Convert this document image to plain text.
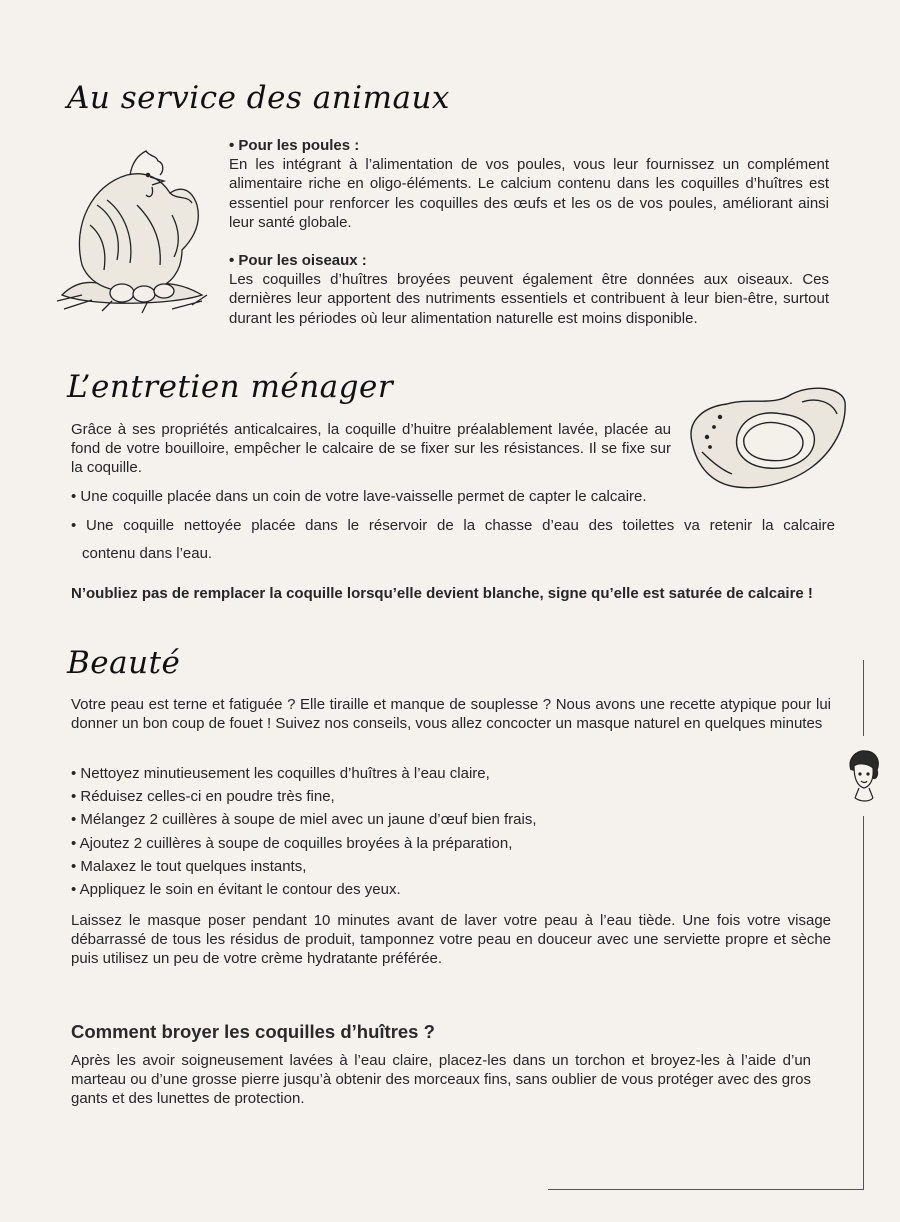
Au service des animaux

• Pour les poules :

En les intégrant à l’alimentation de vos poules, vous leur fournissez un complément alimentaire riche en oligo-éléments. Le calcium contenu dans les coquilles d’huîtres est essentiel pour renforcer les coquilles des œufs et les os de vos poules, améliorant ainsi leur santé globale.

• Pour les oiseaux :

Les coquilles d’huîtres broyées peuvent également être données aux oiseaux. Ces dernières leur apportent des nutriments essentiels et contribuent à leur bien-être, surtout durant les périodes où leur alimentation naturelle est moins disponible.

L’entretien ménager

Grâce à ses propriétés anticalcaires, la coquille d’huitre préalablement lavée, placée au fond de votre bouilloire, empêcher le calcaire de se fixer sur les résistances. Il se fixe sur la coquille.

• Une coquille placée dans un coin de votre lave-vaisselle permet de capter le calcaire.

• Une coquille nettoyée placée dans le réservoir de la chasse d’eau des toilettes va retenir la calcaire

contenu dans l’eau.

N’oubliez pas de remplacer la coquille lorsqu’elle devient blanche, signe qu’elle est saturée de calcaire !

Beauté

Votre peau est terne et fatiguée ? Elle tiraille et manque de souplesse ? Nous avons une recette atypique pour lui donner un bon coup de fouet ! Suivez nos conseils, vous allez concocter un masque naturel en quelques minutes

• Nettoyez minutieusement les coquilles d’huîtres à l’eau claire,

• Réduisez celles-ci en poudre très fine,

• Mélangez 2 cuillères à soupe de miel avec un jaune d’œuf bien frais,

• Ajoutez 2 cuillères à soupe de coquilles broyées à la préparation,

• Malaxez le tout quelques instants,

• Appliquez le soin en évitant le contour des yeux.

Laissez le masque poser pendant 10 minutes avant de laver votre peau à l’eau tiède. Une fois votre visage débarrassé de tous les résidus de produit, tamponnez votre peau en douceur avec une serviette propre et sèche puis utilisez un peu de votre crème hydratante préférée.

Comment broyer les coquilles d’huîtres ?

Après les avoir soigneusement lavées à l’eau claire, placez-les dans un torchon et broyez-les à l’aide d’un marteau ou d’une grosse pierre jusqu’à obtenir des morceaux fins, sans oublier de vous protéger avec des gros gants et des lunettes de protection.
